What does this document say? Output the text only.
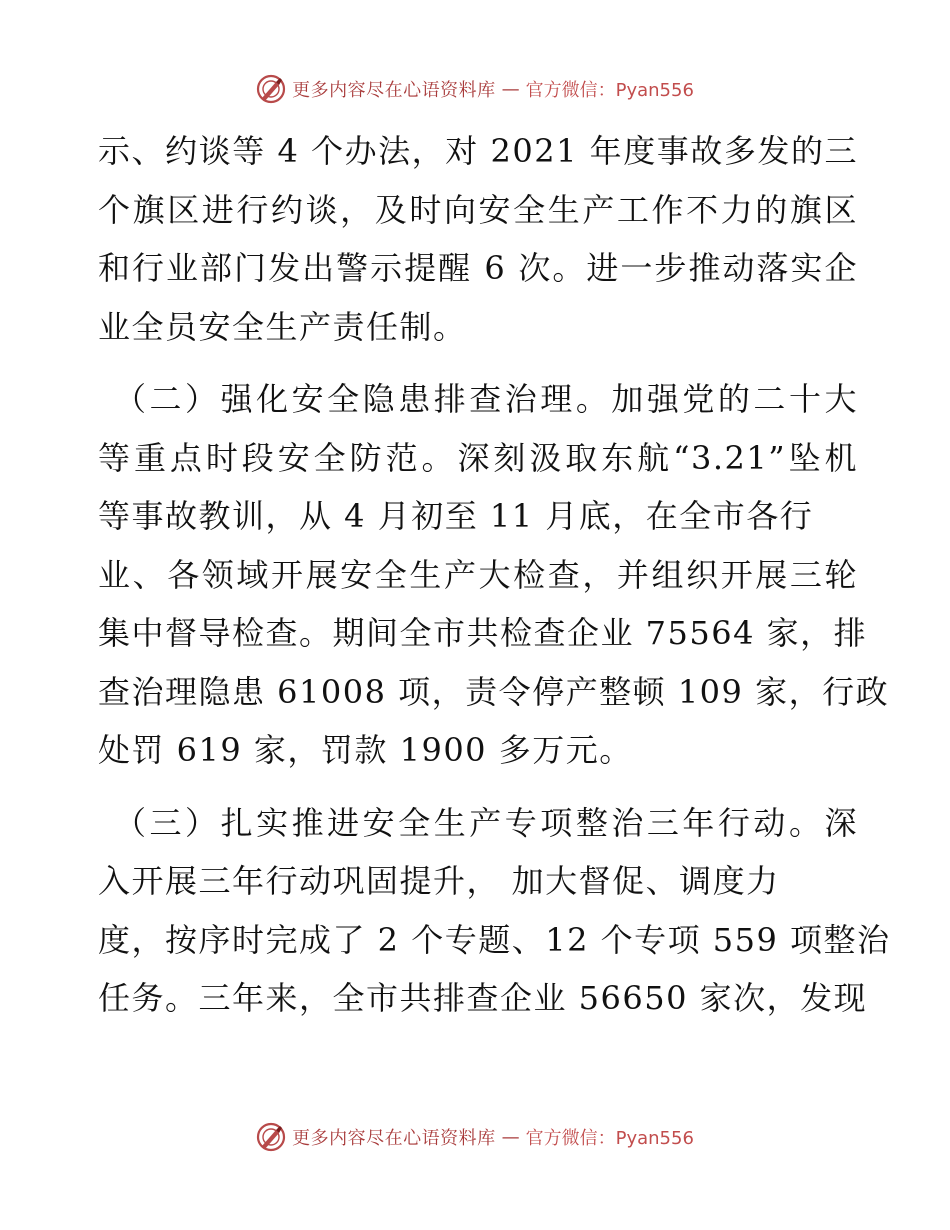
更多内容尽在心语资料库 — 官方微信：Pyan556

示、约谈等 4 个办法，对 2021 年度事故多发的三
个旗区进行约谈，及时向安全生产工作不力的旗区
和行业部门发出警示提醒 6 次。进一步推动落实企
业全员安全生产责任制。

（二）强化安全隐患排查治理。加强党的二十大
等重点时段安全防范。深刻汲取东航“3.21”坠机
等事故教训，从 4 月初至 11 月底，在全市各行
业、各领域开展安全生产大检查，并组织开展三轮
集中督导检查。期间全市共检查企业 75564 家，排
查治理隐患 61008 项，责令停产整顿 109 家，行政
处罚 619 家，罚款 1900 多万元。

（三）扎实推进安全生产专项整治三年行动。深
入开展三年行动巩固提升， 加大督促、调度力
度，按序时完成了 2 个专题、12 个专项 559 项整治
任务。三年来，全市共排查企业 56650 家次，发现

更多内容尽在心语资料库 — 官方微信：Pyan556
